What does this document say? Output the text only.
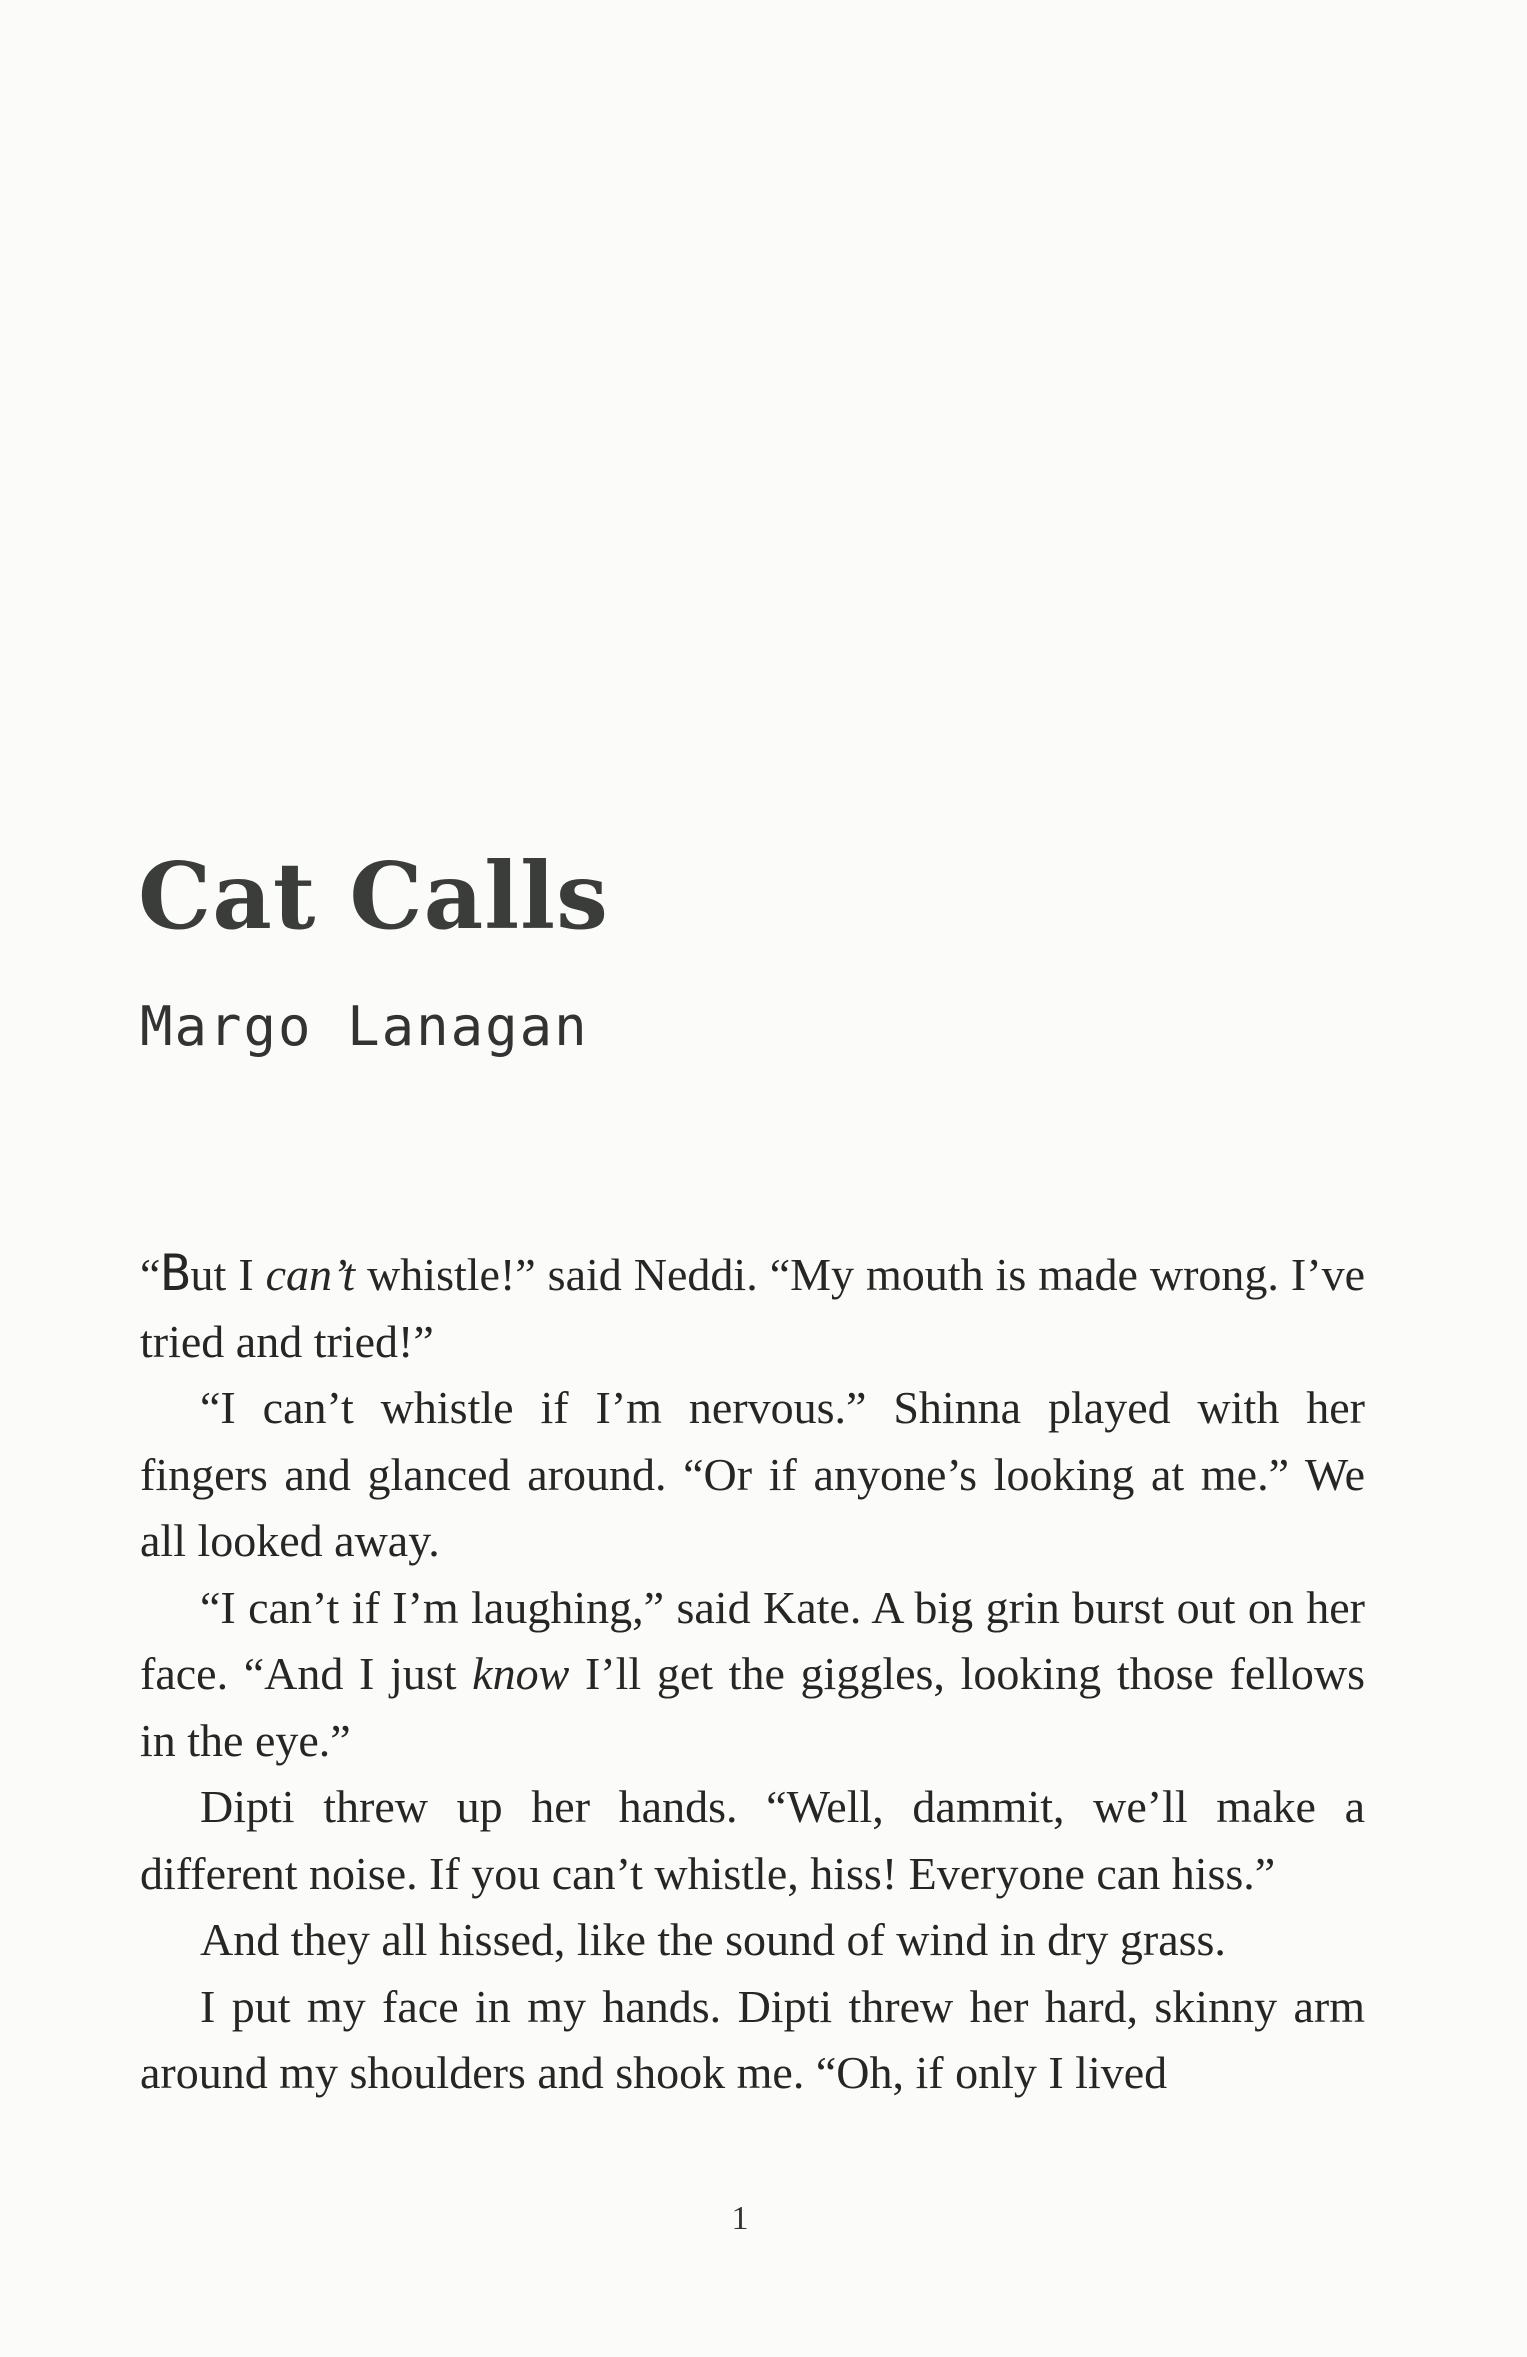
Cat Calls
Margo Lanagan

“But I can’t whistle!” said Neddi. “My mouth is made wrong. I’ve tried and tried!”

“I can’t whistle if I’m nervous.” Shinna played with her fingers and glanced around. “Or if anyone’s looking at me.” We all looked away.

“I can’t if I’m laughing,” said Kate. A big grin burst out on her face. “And I just know I’ll get the giggles, looking those fellows in the eye.”

Dipti threw up her hands. “Well, dammit, we’ll make a different noise. If you can’t whistle, hiss! Everyone can hiss.”

And they all hissed, like the sound of wind in dry grass.

I put my face in my hands. Dipti threw her hard, skinny arm around my shoulders and shook me. “Oh, if only I lived

1
